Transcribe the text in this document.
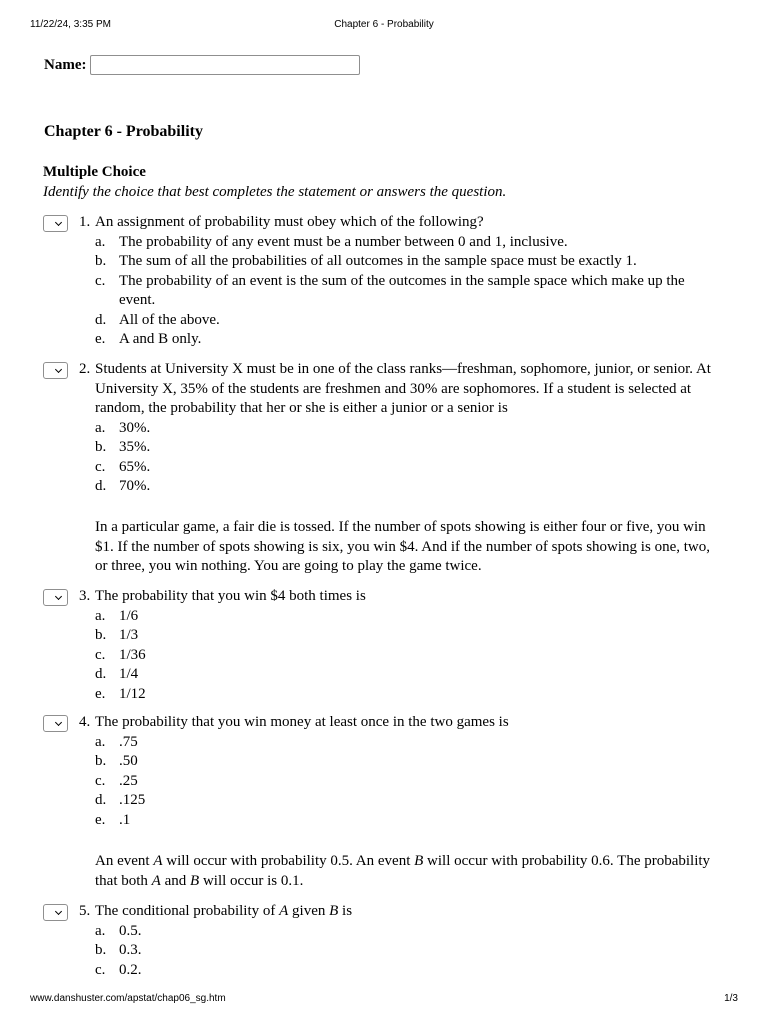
11/22/24, 3:35 PM	Chapter 6 - Probability
Name:
Chapter 6 - Probability
Multiple Choice
Identify the choice that best completes the statement or answers the question.
1. An assignment of probability must obey which of the following?
a. The probability of any event must be a number between 0 and 1, inclusive.
b. The sum of all the probabilities of all outcomes in the sample space must be exactly 1.
c. The probability of an event is the sum of the outcomes in the sample space which make up the event.
d. All of the above.
e. A and B only.
2. Students at University X must be in one of the class ranks—freshman, sophomore, junior, or senior. At University X, 35% of the students are freshmen and 30% are sophomores. If a student is selected at random, the probability that her or she is either a junior or a senior is
a. 30%.
b. 35%.
c. 65%.
d. 70%.
In a particular game, a fair die is tossed. If the number of spots showing is either four or five, you win $1. If the number of spots showing is six, you win $4. And if the number of spots showing is one, two, or three, you win nothing. You are going to play the game twice.
3. The probability that you win $4 both times is
a. 1/6
b. 1/3
c. 1/36
d. 1/4
e. 1/12
4. The probability that you win money at least once in the two games is
a. .75
b. .50
c. .25
d. .125
e. .1
An event A will occur with probability 0.5. An event B will occur with probability 0.6. The probability that both A and B will occur is 0.1.
5. The conditional probability of A given B is
a. 0.5.
b. 0.3.
c. 0.2.
www.danshuster.com/apstat/chap06_sg.htm	1/3
